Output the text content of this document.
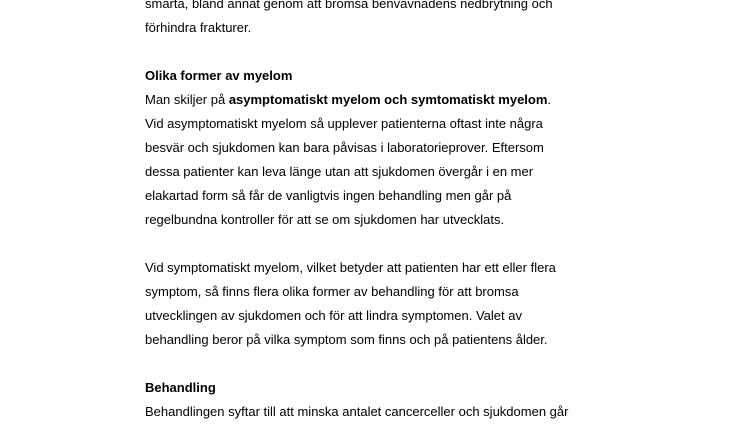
smärta, bland annat genom att bromsa benvävnadens nedbrytning och
förhindra frakturer.
Olika former av myelom
Man skiljer på asymptomatiskt myelom och symtomatiskt myelom.
Vid asymptomatiskt myelom så upplever patienterna oftast inte några
besvär och sjukdomen kan bara påvisas i laboratorieprover. Eftersom
dessa patienter kan leva länge utan att sjukdomen övergår i en mer
elakartad form så får de vanligtvis ingen behandling men går på
regelbundna kontroller för att se om sjukdomen har utvecklats.
Vid symptomatiskt myelom, vilket betyder att patienten har ett eller flera
symptom, så finns flera olika former av behandling för att bromsa
utvecklingen av sjukdomen och för att lindra symptomen. Valet av
behandling beror på vilka symptom som finns och på patientens ålder.
Behandling
Behandlingen syftar till att minska antalet cancerceller och sjukdomen går
